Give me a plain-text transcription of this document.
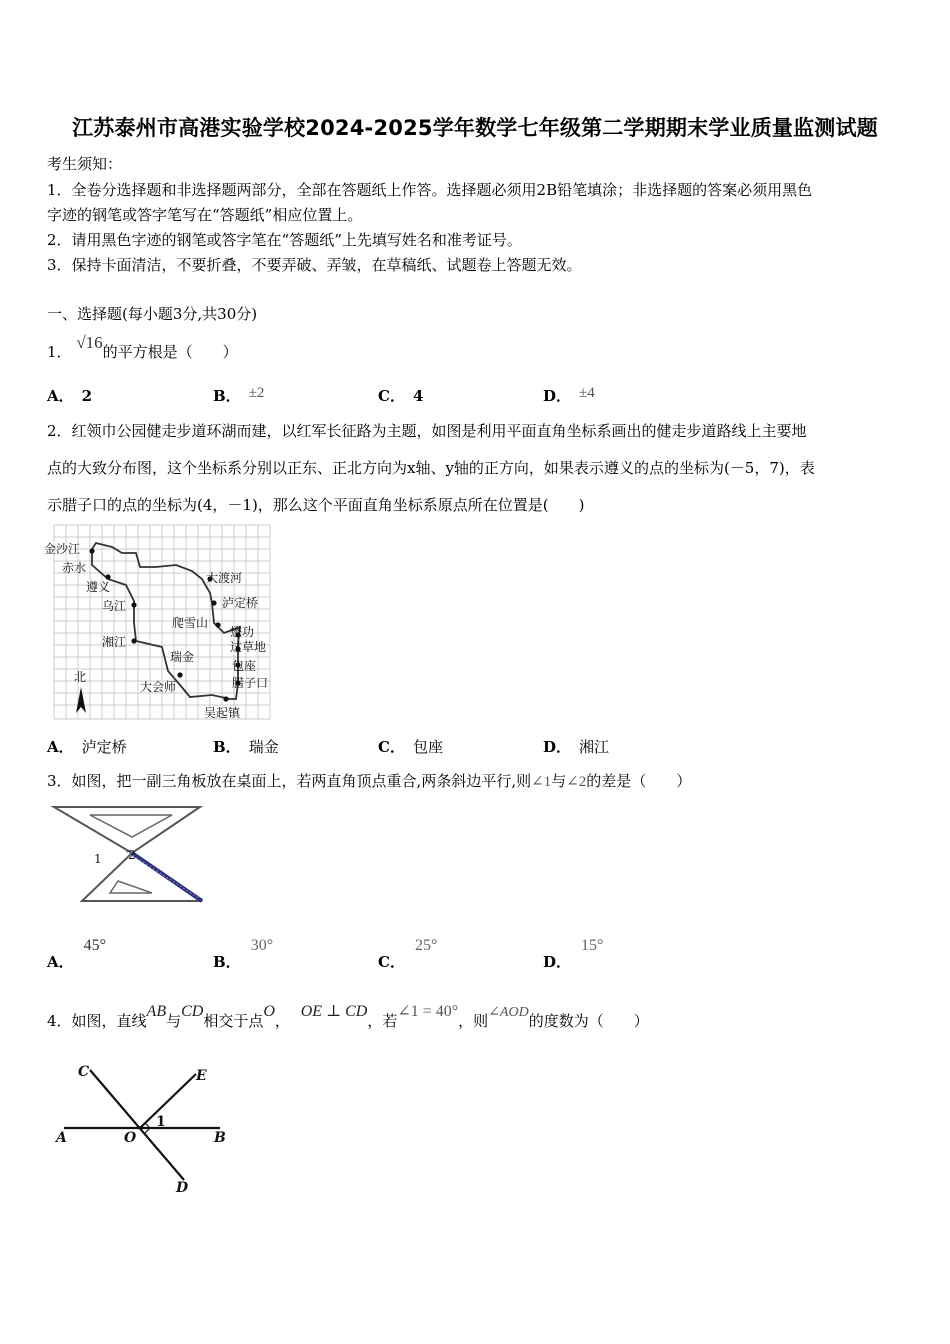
江苏泰州市高港实验学校2024-2025学年数学七年级第二学期期末学业质量监测试题
考生须知：
1．全卷分选择题和非选择题两部分，全部在答题纸上作答。选择题必须用2B铅笔填涂；非选择题的答案必须用黑色
字迹的钢笔或答字笔写在“答题纸”相应位置上。
2．请用黑色字迹的钢笔或答字笔在“答题纸”上先填写姓名和准考证号。
3．保持卡面清洁，不要折叠，不要弄破、弄皱，在草稿纸、试题卷上答题无效。
一、选择题(每小题3分,共30分)
1． √16的平方根是（　　）
A． 2	B． ±2	C． 4	D． ±4
2．红领巾公园健走步道环湖而建，以红军长征路为主题，如图是利用平面直角坐标系画出的健走步道路线上主要地
点的大致分布图，这个坐标系分别以正东、正北方向为x轴、y轴的正方向，如果表示遵义的点的坐标为(－5，7)，表
示腊子口的点的坐标为(4，－1)，那么这个平面直角坐标系原点所在位置是(　　)
金沙江
赤水
遵义
乌江
湘江
大渡河
泸定桥
爬雪山
懋功
过草地
瑞金
包座
腊子口
大会师
吴起镇
北
A． 泸定桥	B． 瑞金	C． 包座	D． 湘江
3．如图，把一副三角板放在桌面上，若两直角顶点重合,两条斜边平行,则∠1与∠2的差是（　　）
1 2
A．45°
B．30°
C．25°
D．15°
4．如图，直线AB与CD相交于点O， OE ⊥ CD，若∠1 = 40°，则∠AOD的度数为（　　）
C	E
A	O
1
B
D
